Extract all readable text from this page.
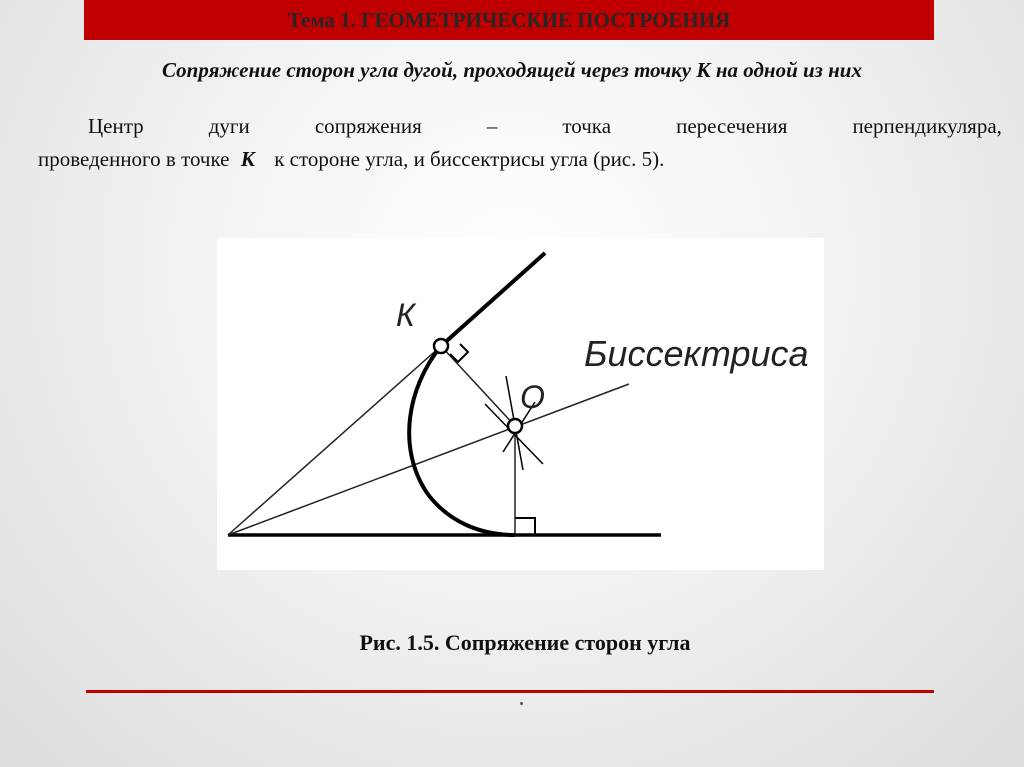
Тема 1. ГЕОМЕТРИЧЕСКИЕ ПОСТРОЕНИЯ
Сопряжение сторон угла дугой, проходящей через точку К на одной из них
Центр	дуги	сопряжения	–	точка	пересечения	перпендикуляра,
проведенного в точке К к стороне угла, и биссектрисы угла (рис. 5).
К
О
Биссектриса
Рис. 1.5. Сопряжение сторон угла
